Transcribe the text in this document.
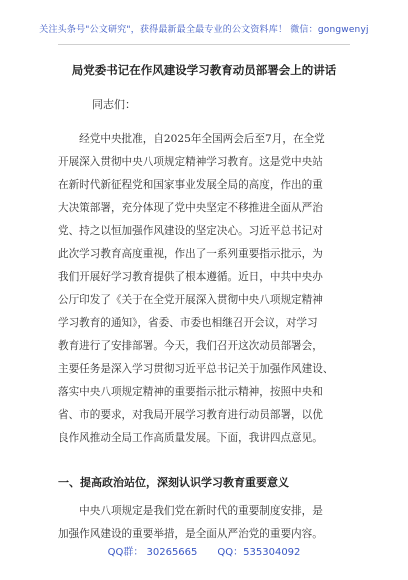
关注头条号"公文研究"，获得最新最全最专业的公文资料库！ 微信：gongwenyj
局党委书记在作风建设学习教育动员部署会上的讲话
同志们：
　　经党中央批准，自2025年全国两会后至7月，在全党
开展深入贯彻中央八项规定精神学习教育。这是党中央站
在新时代新征程党和国家事业发展全局的高度，作出的重
大决策部署，充分体现了党中央坚定不移推进全面从严治
党、持之以恒加强作风建设的坚定决心。习近平总书记对
此次学习教育高度重视，作出了一系列重要指示批示，为
我们开展好学习教育提供了根本遵循。近日，中共中央办
公厅印发了《关于在全党开展深入贯彻中央八项规定精神
学习教育的通知》，省委、市委也相继召开会议，对学习
教育进行了安排部署。今天，我们召开这次动员部署会，
主要任务是深入学习贯彻习近平总书记关于加强作风建设、
落实中央八项规定精神的重要指示批示精神，按照中央和
省、市的要求，对我局开展学习教育进行动员部署，以优
良作风推动全局工作高质量发展。下面，我讲四点意见。
一、提高政治站位，深刻认识学习教育重要意义
　　中央八项规定是我们党在新时代的重要制度安排，是
加强作风建设的重要举措，是全面从严治党的重要内容。
QQ群： 30265665　　QQ：535304092
